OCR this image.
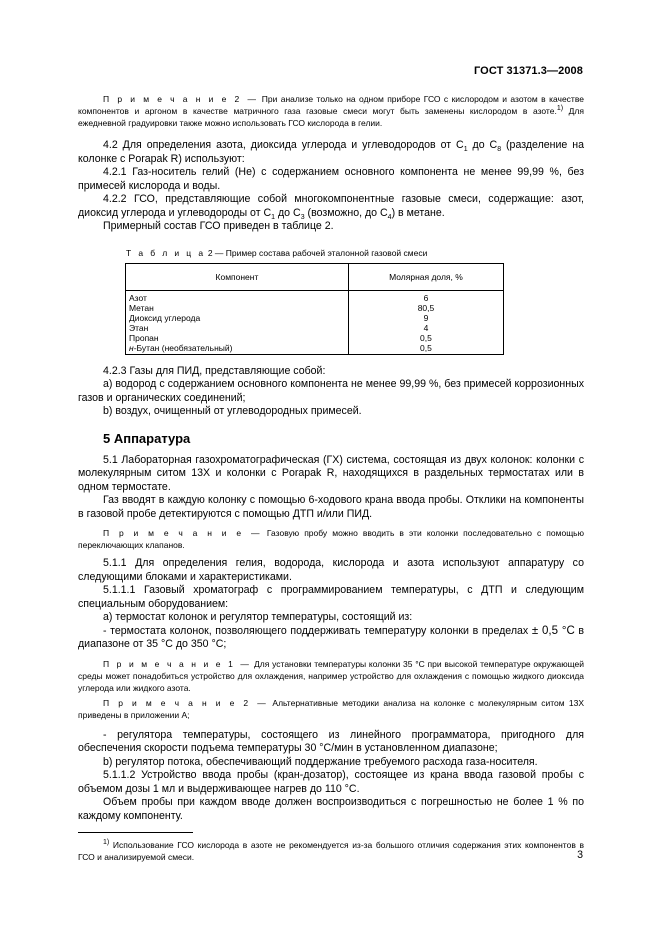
ГОСТ 31371.3—2008

П р и м е ч а н и е 2 — При анализе только на одном приборе ГСО с кислородом и азотом в качестве компонентов и аргоном в качестве матричного газа газовые смеси могут быть заменены кислородом в азоте.$^{1)}$ Для ежедневной градуировки также можно использовать ГСО кислорода в гелии.

4.2 Для определения азота, диоксида углерода и углеводородов от $C_1$ до $C_8$ (разделение на колонке с Porapak R) используют:

4.2.1 Газ-носитель гелий (He) с содержанием основного компонента не менее 99,99 %, без примесей кислорода и воды.

4.2.2 ГСО, представляющие собой многокомпонентные газовые смеси, содержащие: азот, диоксид углерода и углеводороды от $C_1$ до $C_3$ (возможно, до $C_4$) в метане.

Примерный состав ГСО приведен в таблице 2.

Т а б л и ц а 2 — Пример состава рабочей эталонной газовой смеси
Компонент	Молярная доля, %
Азот	6
Метан	80,5
Диоксид углерода	9
Этан	4
Пропан	0,5
н-Бутан (необязательный)	0,5

4.2.3 Газы для ПИД, представляющие собой:

а) водород с содержанием основного компонента не менее 99,99 %, без примесей коррозионных газов и органических соединений;

b) воздух, очищенный от углеводородных примесей.

5 Аппаратура

5.1 Лабораторная газохроматографическая (ГХ) система, состоящая из двух колонок: колонки с молекулярным ситом 13X и колонки с Porapak R, находящихся в раздельных термостатах или в одном термостате.

Газ вводят в каждую колонку с помощью 6-ходового крана ввода пробы. Отклики на компоненты в газовой пробе детектируются с помощью ДТП и/или ПИД.

П р и м е ч а н и е — Газовую пробу можно вводить в эти колонки последовательно с помощью переключающих клапанов.

5.1.1 Для определения гелия, водорода, кислорода и азота используют аппаратуру со следующими блоками и характеристиками.

5.1.1.1 Газовый хроматограф с программированием температуры, с ДТП и следующим специальным оборудованием:

а) термостат колонок и регулятор температуры, состоящий из:

- термостата колонок, позволяющего поддерживать температуру колонки в пределах ± 0,5 °C в диапазоне от 35 °C до 350 °C;

П р и м е ч а н и е 1 — Для установки температуры колонки 35 °C при высокой температуре окружающей среды может понадобиться устройство для охлаждения, например устройство для охлаждения с помощью жидкого диоксида углерода или жидкого азота.

П р и м е ч а н и е 2 — Альтернативные методики анализа на колонке с молекулярным ситом 13X приведены в приложении А;

- регулятора температуры, состоящего из линейного программатора, пригодного для обеспечения скорости подъема температуры 30 °C/мин в установленном диапазоне;

b) регулятор потока, обеспечивающий поддержание требуемого расхода газа-носителя.

5.1.1.2 Устройство ввода пробы (кран-дозатор), состоящее из крана ввода газовой пробы с объемом дозы 1 мл и выдерживающее нагрев до 110 °C.

Объем пробы при каждом вводе должен воспроизводиться с погрешностью не более 1 % по каждому компоненту.

$^{1)}$ Использование ГСО кислорода в азоте не рекомендуется из-за большого отличия содержания этих компонентов в ГСО и анализируемой смеси.	3
